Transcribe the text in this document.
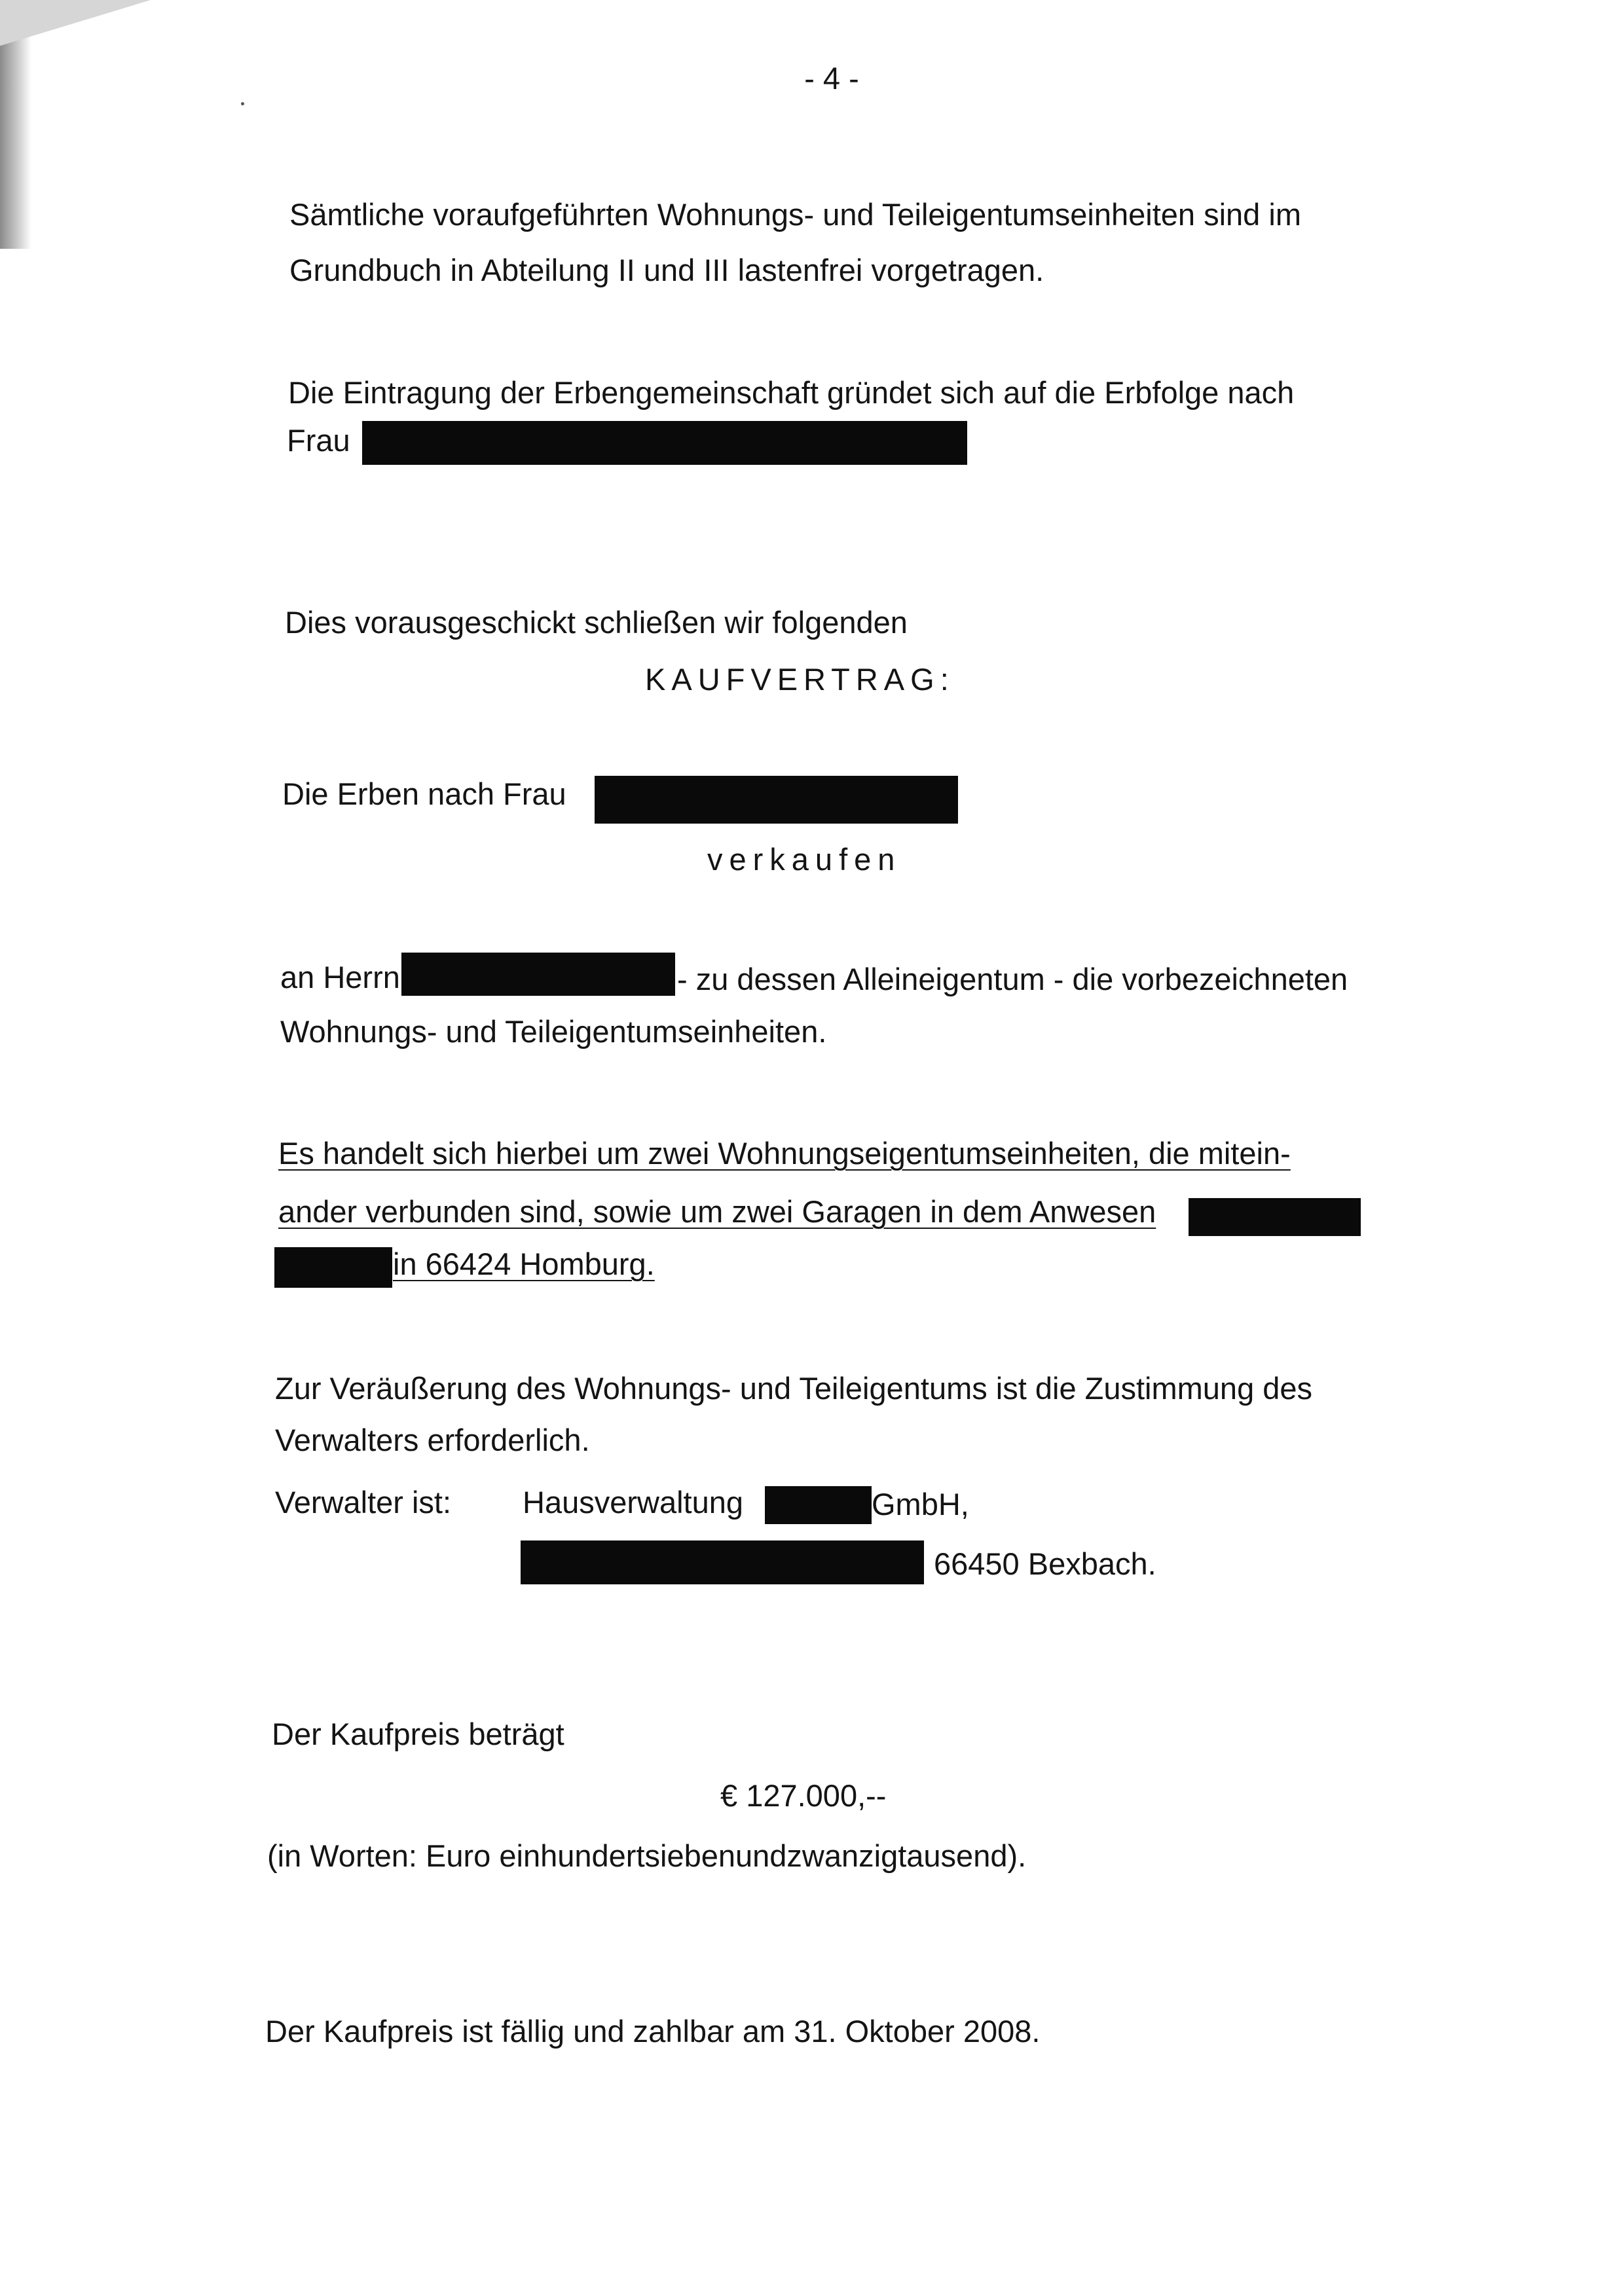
- 4 -
Sämtliche voraufgeführten Wohnungs- und Teileigentumseinheiten sind im
Grundbuch in Abteilung II und III lastenfrei vorgetragen.
Die Eintragung der Erbengemeinschaft gründet sich auf die Erbfolge nach
Frau
Dies vorausgeschickt schließen wir folgenden
KAUFVERTRAG:
Die Erben nach Frau
verkaufen
an Herrn	- zu dessen Alleineigentum - die vorbezeichneten
Wohnungs- und Teileigentumseinheiten.
Es handelt sich hierbei um zwei Wohnungseigentumseinheiten, die mitein-
ander verbunden sind, sowie um zwei Garagen in dem Anwesen
in 66424 Homburg.
Zur Veräußerung des Wohnungs- und Teileigentums ist die Zustimmung des
Verwalters erforderlich.
Verwalter ist: Hausverwaltung	GmbH,
66450 Bexbach.
Der Kaufpreis beträgt
€ 127.000,--
(in Worten: Euro einhundertsiebenundzwanzigtausend).
Der Kaufpreis ist fällig und zahlbar am 31. Oktober 2008.
